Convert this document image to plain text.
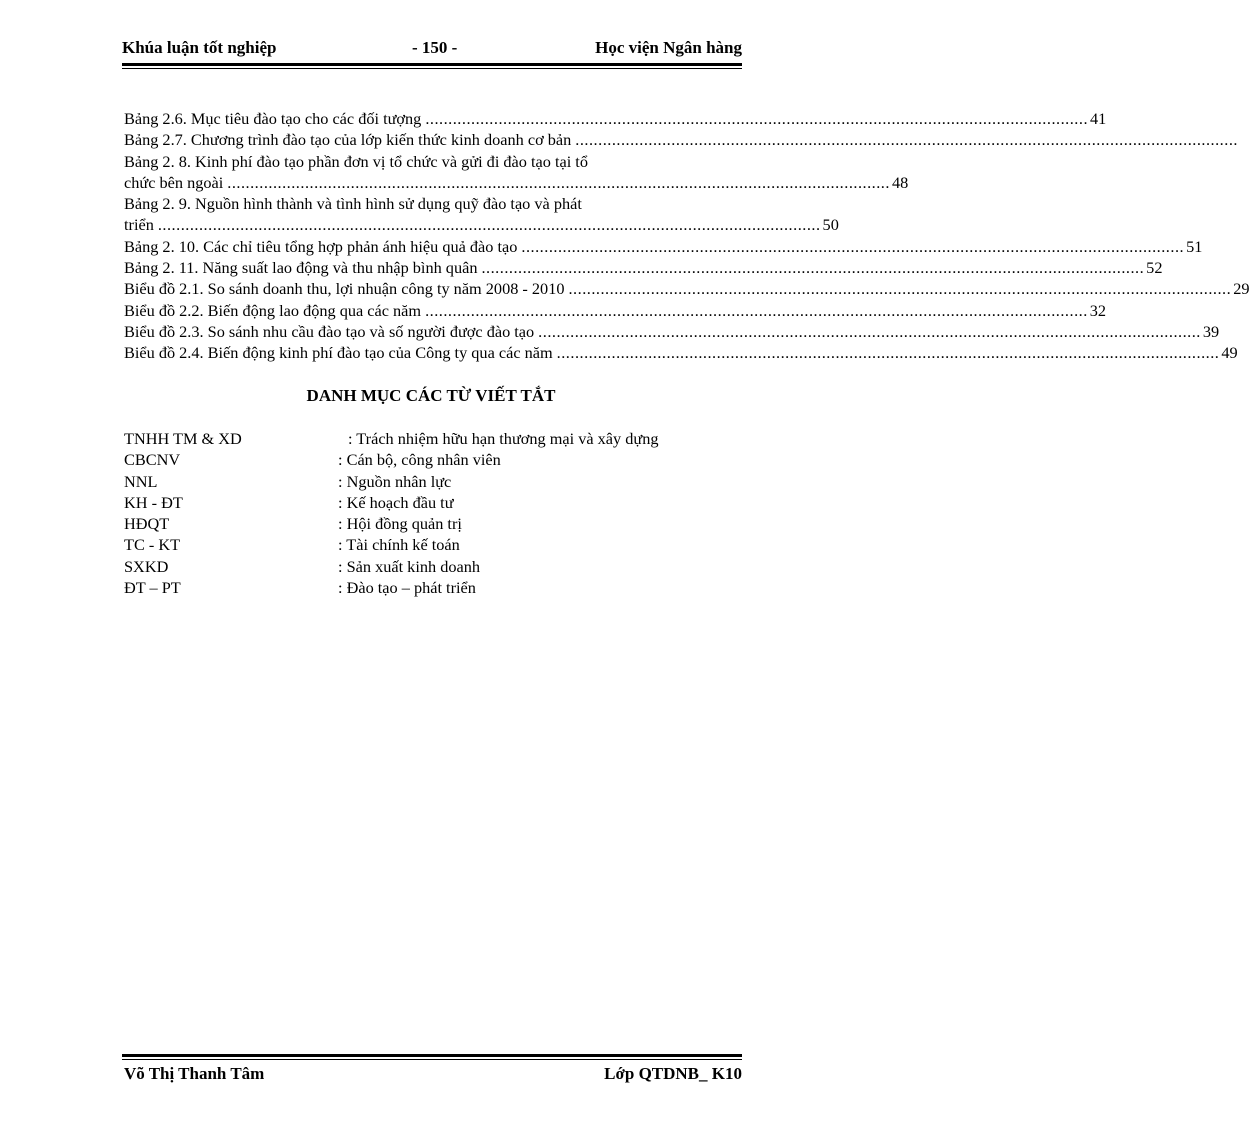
Khúa luận tốt nghiệp	- 150 -	Học viện Ngân hàng
Bảng 2.6. Mục tiêu đào tạo cho các đối tượng ................................................................................................................................................. 41
Bảng 2.7. Chương trình đào tạo của lớp kiến thức kinh doanh cơ bản .................................................................................................................................................
Bảng 2. 8. Kinh phí đào tạo phần đơn vị tổ chức và gửi đi đào tạo tại tổ
chức bên ngoài ................................................................................................................................................. 48
Bảng 2. 9. Nguồn hình thành và tình hình sử dụng quỹ đào tạo và phát
triển ................................................................................................................................................. 50
Bảng 2. 10. Các chỉ tiêu tổng hợp phản ánh hiệu quả đào tạo ................................................................................................................................................. 51
Bảng 2. 11. Năng suất lao động và thu nhập bình quân ................................................................................................................................................. 52
Biểu đồ 2.1. So sánh doanh thu, lợi nhuận công ty năm 2008 - 2010 ................................................................................................................................................. 29
Biểu đồ 2.2. Biến động lao động qua các năm ................................................................................................................................................. 32
Biểu đồ 2.3. So sánh nhu cầu đào tạo và số người được đào tạo ................................................................................................................................................. 39
Biểu đồ 2.4. Biến động kinh phí đào tạo của Công ty qua các năm ................................................................................................................................................. 49
DANH MỤC CÁC TỪ VIẾT TẮT
TNHH TM & XD	: Trách nhiệm hữu hạn thương mại và xây dựng
CBCNV	: Cán bộ, công nhân viên
NNL	: Nguồn nhân lực
KH - ĐT	: Kế hoạch đầu tư
HĐQT	: Hội đồng quản trị
TC - KT	: Tài chính kế toán
SXKD	: Sản xuất kinh doanh
ĐT – PT	: Đào tạo – phát triển
Võ Thị Thanh Tâm	Lớp QTDNB_ K10
